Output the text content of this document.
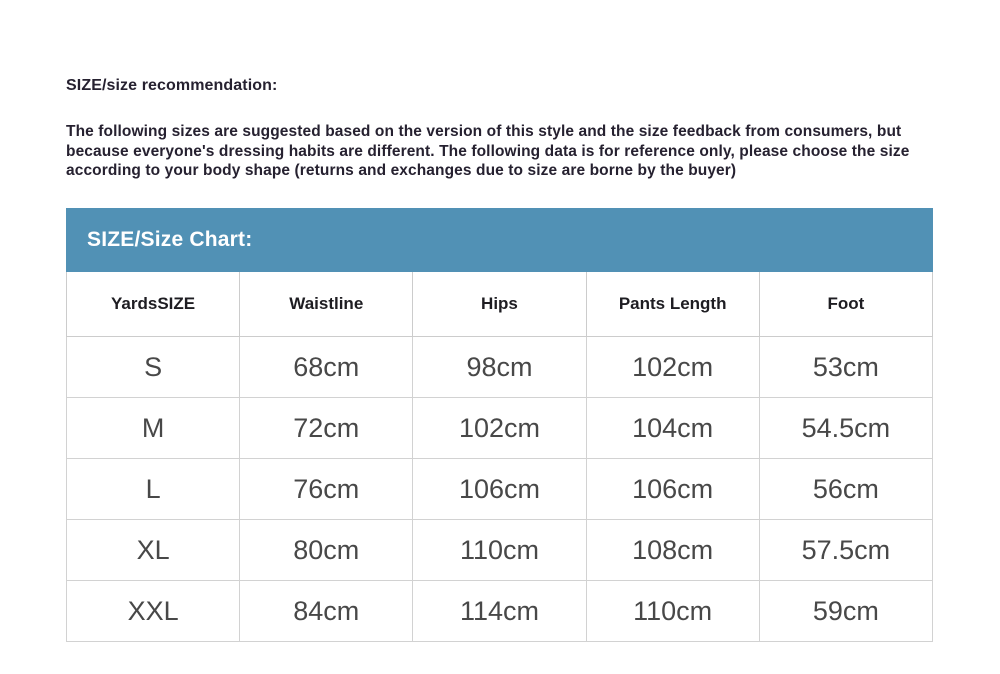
SIZE/size recommendation:

The following sizes are suggested based on the version of this style and the size feedback from consumers, but because everyone's dressing habits are different. The following data is for reference only, please choose the size according to your body shape (returns and exchanges due to size are borne by the buyer)

SIZE/Size Chart:
YardsSIZE	Waistline	Hips	Pants Length	Foot
S	68cm	98cm	102cm	53cm
M	72cm	102cm	104cm	54.5cm
L	76cm	106cm	106cm	56cm
XL	80cm	110cm	108cm	57.5cm
XXL	84cm	114cm	110cm	59cm
